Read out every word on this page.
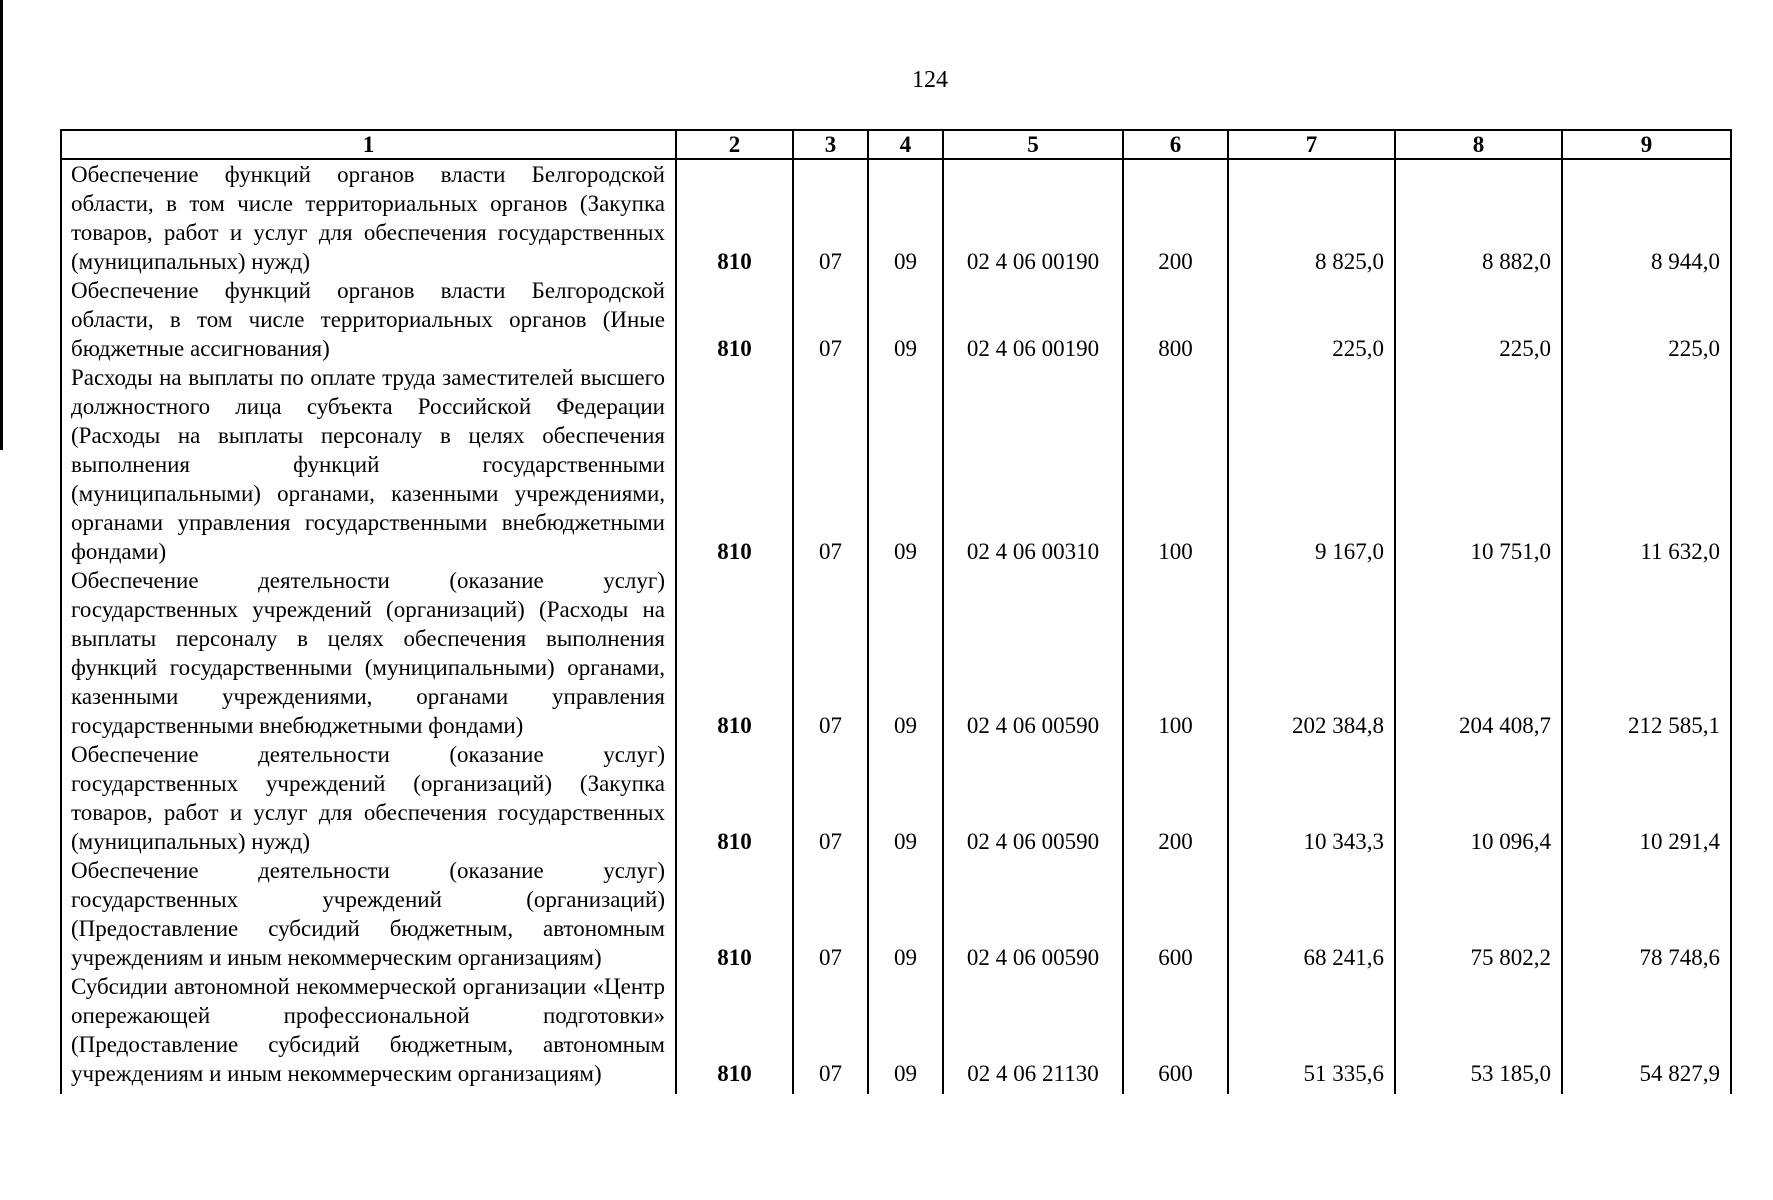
124
1	2	3	4	5	6	7	8	9
Обеспечение функций органов власти Белгородской области, в том числе территориальных органов (Закупка товаров, работ и услуг для обеспечения государственных (муниципальных) нужд)	810	07	09	02 4 06 00190	200	8 825,0	8 882,0	8 944,0
Обеспечение функций органов власти Белгородской области, в том числе территориальных органов (Иные бюджетные ассигнования)	810	07	09	02 4 06 00190	800	225,0	225,0	225,0
Расходы на выплаты по оплате труда заместителей высшего должностного лица субъекта Российской Федерации (Расходы на выплаты персоналу в целях обеспечения выполнения функций государственными (муниципальными) органами, казенными учреждениями, органами управления государственными внебюджетными фондами)	810	07	09	02 4 06 00310	100	9 167,0	10 751,0	11 632,0
Обеспечение деятельности (оказание услуг) государственных учреждений (организаций) (Расходы на выплаты персоналу в целях обеспечения выполнения функций государственными (муниципальными) органами, казенными учреждениями, органами управления государственными внебюджетными фондами)	810	07	09	02 4 06 00590	100	202 384,8	204 408,7	212 585,1
Обеспечение деятельности (оказание услуг) государственных учреждений (организаций) (Закупка товаров, работ и услуг для обеспечения государственных (муниципальных) нужд)	810	07	09	02 4 06 00590	200	10 343,3	10 096,4	10 291,4
Обеспечение деятельности (оказание услуг) государственных учреждений (организаций) (Предоставление субсидий бюджетным, автономным учреждениям и иным некоммерческим организациям)	810	07	09	02 4 06 00590	600	68 241,6	75 802,2	78 748,6
Субсидии автономной некоммерческой организации «Центр опережающей профессиональной подготовки» (Предоставление субсидий бюджетным, автономным учреждениям и иным некоммерческим организациям)	810	07	09	02 4 06 21130	600	51 335,6	53 185,0	54 827,9
